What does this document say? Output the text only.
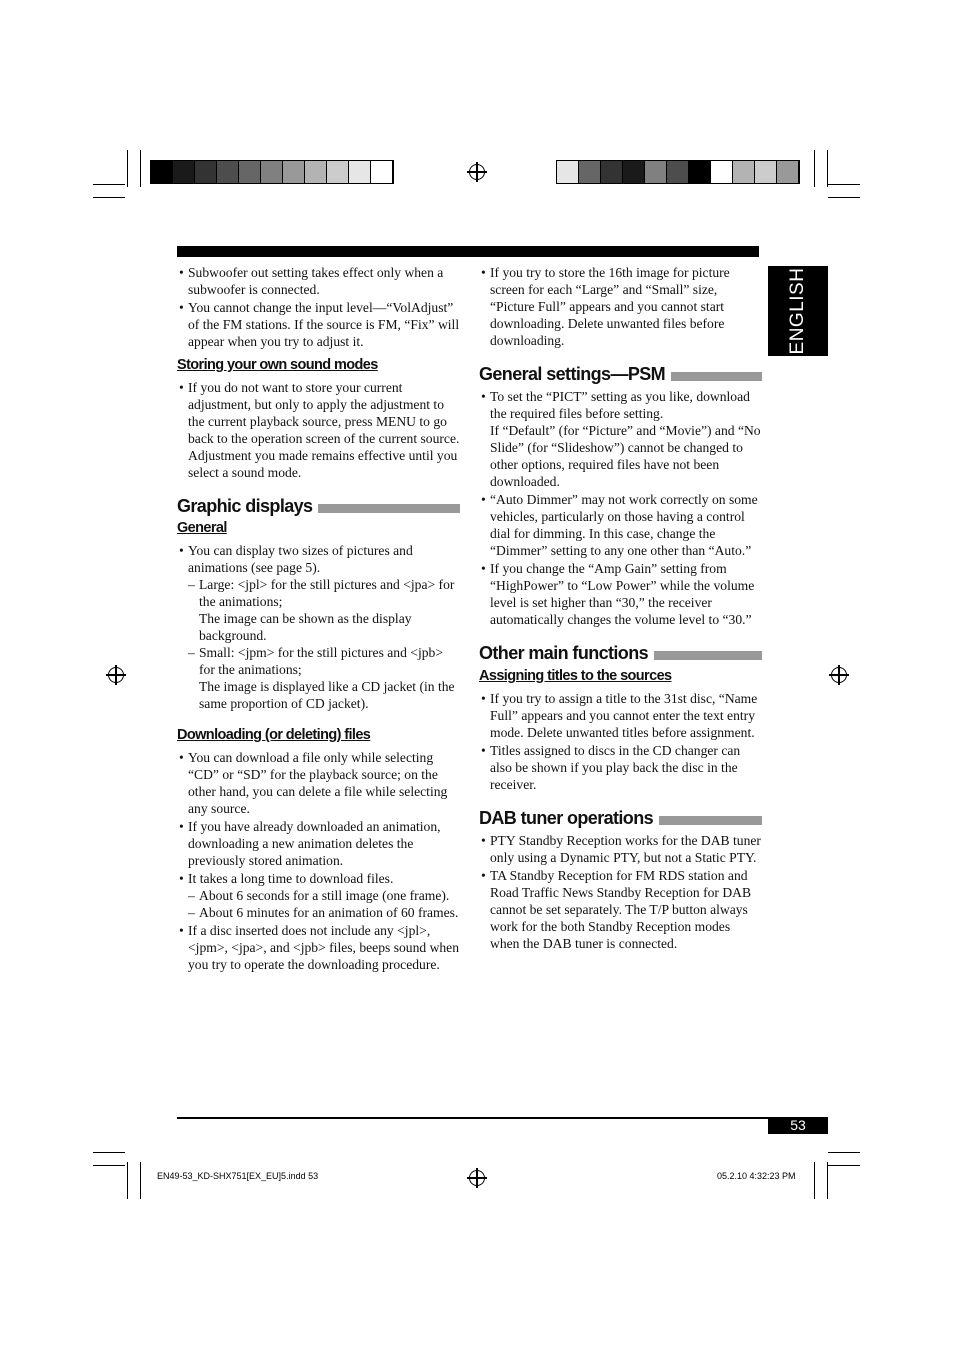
ENGLISH
• Subwoofer out setting takes effect only when a subwoofer is connected.
• You cannot change the input level—“VolAdjust” of the FM stations. If the source is FM, “Fix” will appear when you try to adjust it.
Storing your own sound modes
• If you do not want to store your current adjustment, but only to apply the adjustment to the current playback source, press MENU to go back to the operation screen of the current source. Adjustment you made remains effective until you select a sound mode.
Graphic displays
General
• You can display two sizes of pictures and animations (see page 5).
– Large: <jpl> for the still pictures and <jpa> for the animations;
The image can be shown as the display background.
– Small: <jpm> for the still pictures and <jpb> for the animations;
The image is displayed like a CD jacket (in the same proportion of CD jacket).
Downloading (or deleting) files
• You can download a file only while selecting “CD” or “SD” for the playback source; on the other hand, you can delete a file while selecting any source.
• If you have already downloaded an animation, downloading a new animation deletes the previously stored animation.
• It takes a long time to download files.
– About 6 seconds for a still image (one frame).
– About 6 minutes for an animation of 60 frames.
• If a disc inserted does not include any <jpl>, <jpm>, <jpa>, and <jpb> files, beeps sound when you try to operate the downloading procedure.
• If you try to store the 16th image for picture screen for each “Large” and “Small” size, “Picture Full” appears and you cannot start downloading. Delete unwanted files before downloading.
General settings—PSM
• To set the “PICT” setting as you like, download the required files before setting.
If “Default” (for “Picture” and “Movie”) and “No Slide” (for “Slideshow”) cannot be changed to other options, required files have not been downloaded.
• “Auto Dimmer” may not work correctly on some vehicles, particularly on those having a control dial for dimming. In this case, change the “Dimmer” setting to any one other than “Auto.”
• If you change the “Amp Gain” setting from “HighPower” to “Low Power” while the volume level is set higher than “30,” the receiver automatically changes the volume level to “30.”
Other main functions
Assigning titles to the sources
• If you try to assign a title to the 31st disc, “Name Full” appears and you cannot enter the text entry mode. Delete unwanted titles before assignment.
• Titles assigned to discs in the CD changer can also be shown if you play back the disc in the receiver.
DAB tuner operations
• PTY Standby Reception works for the DAB tuner only using a Dynamic PTY, but not a Static PTY.
• TA Standby Reception for FM RDS station and Road Traffic News Standby Reception for DAB cannot be set separately. The T/P button always work for the both Standby Reception modes when the DAB tuner is connected.
53
EN49-53_KD-SHX751[EX_EU]5.indd 53	05.2.10 4:32:23 PM
